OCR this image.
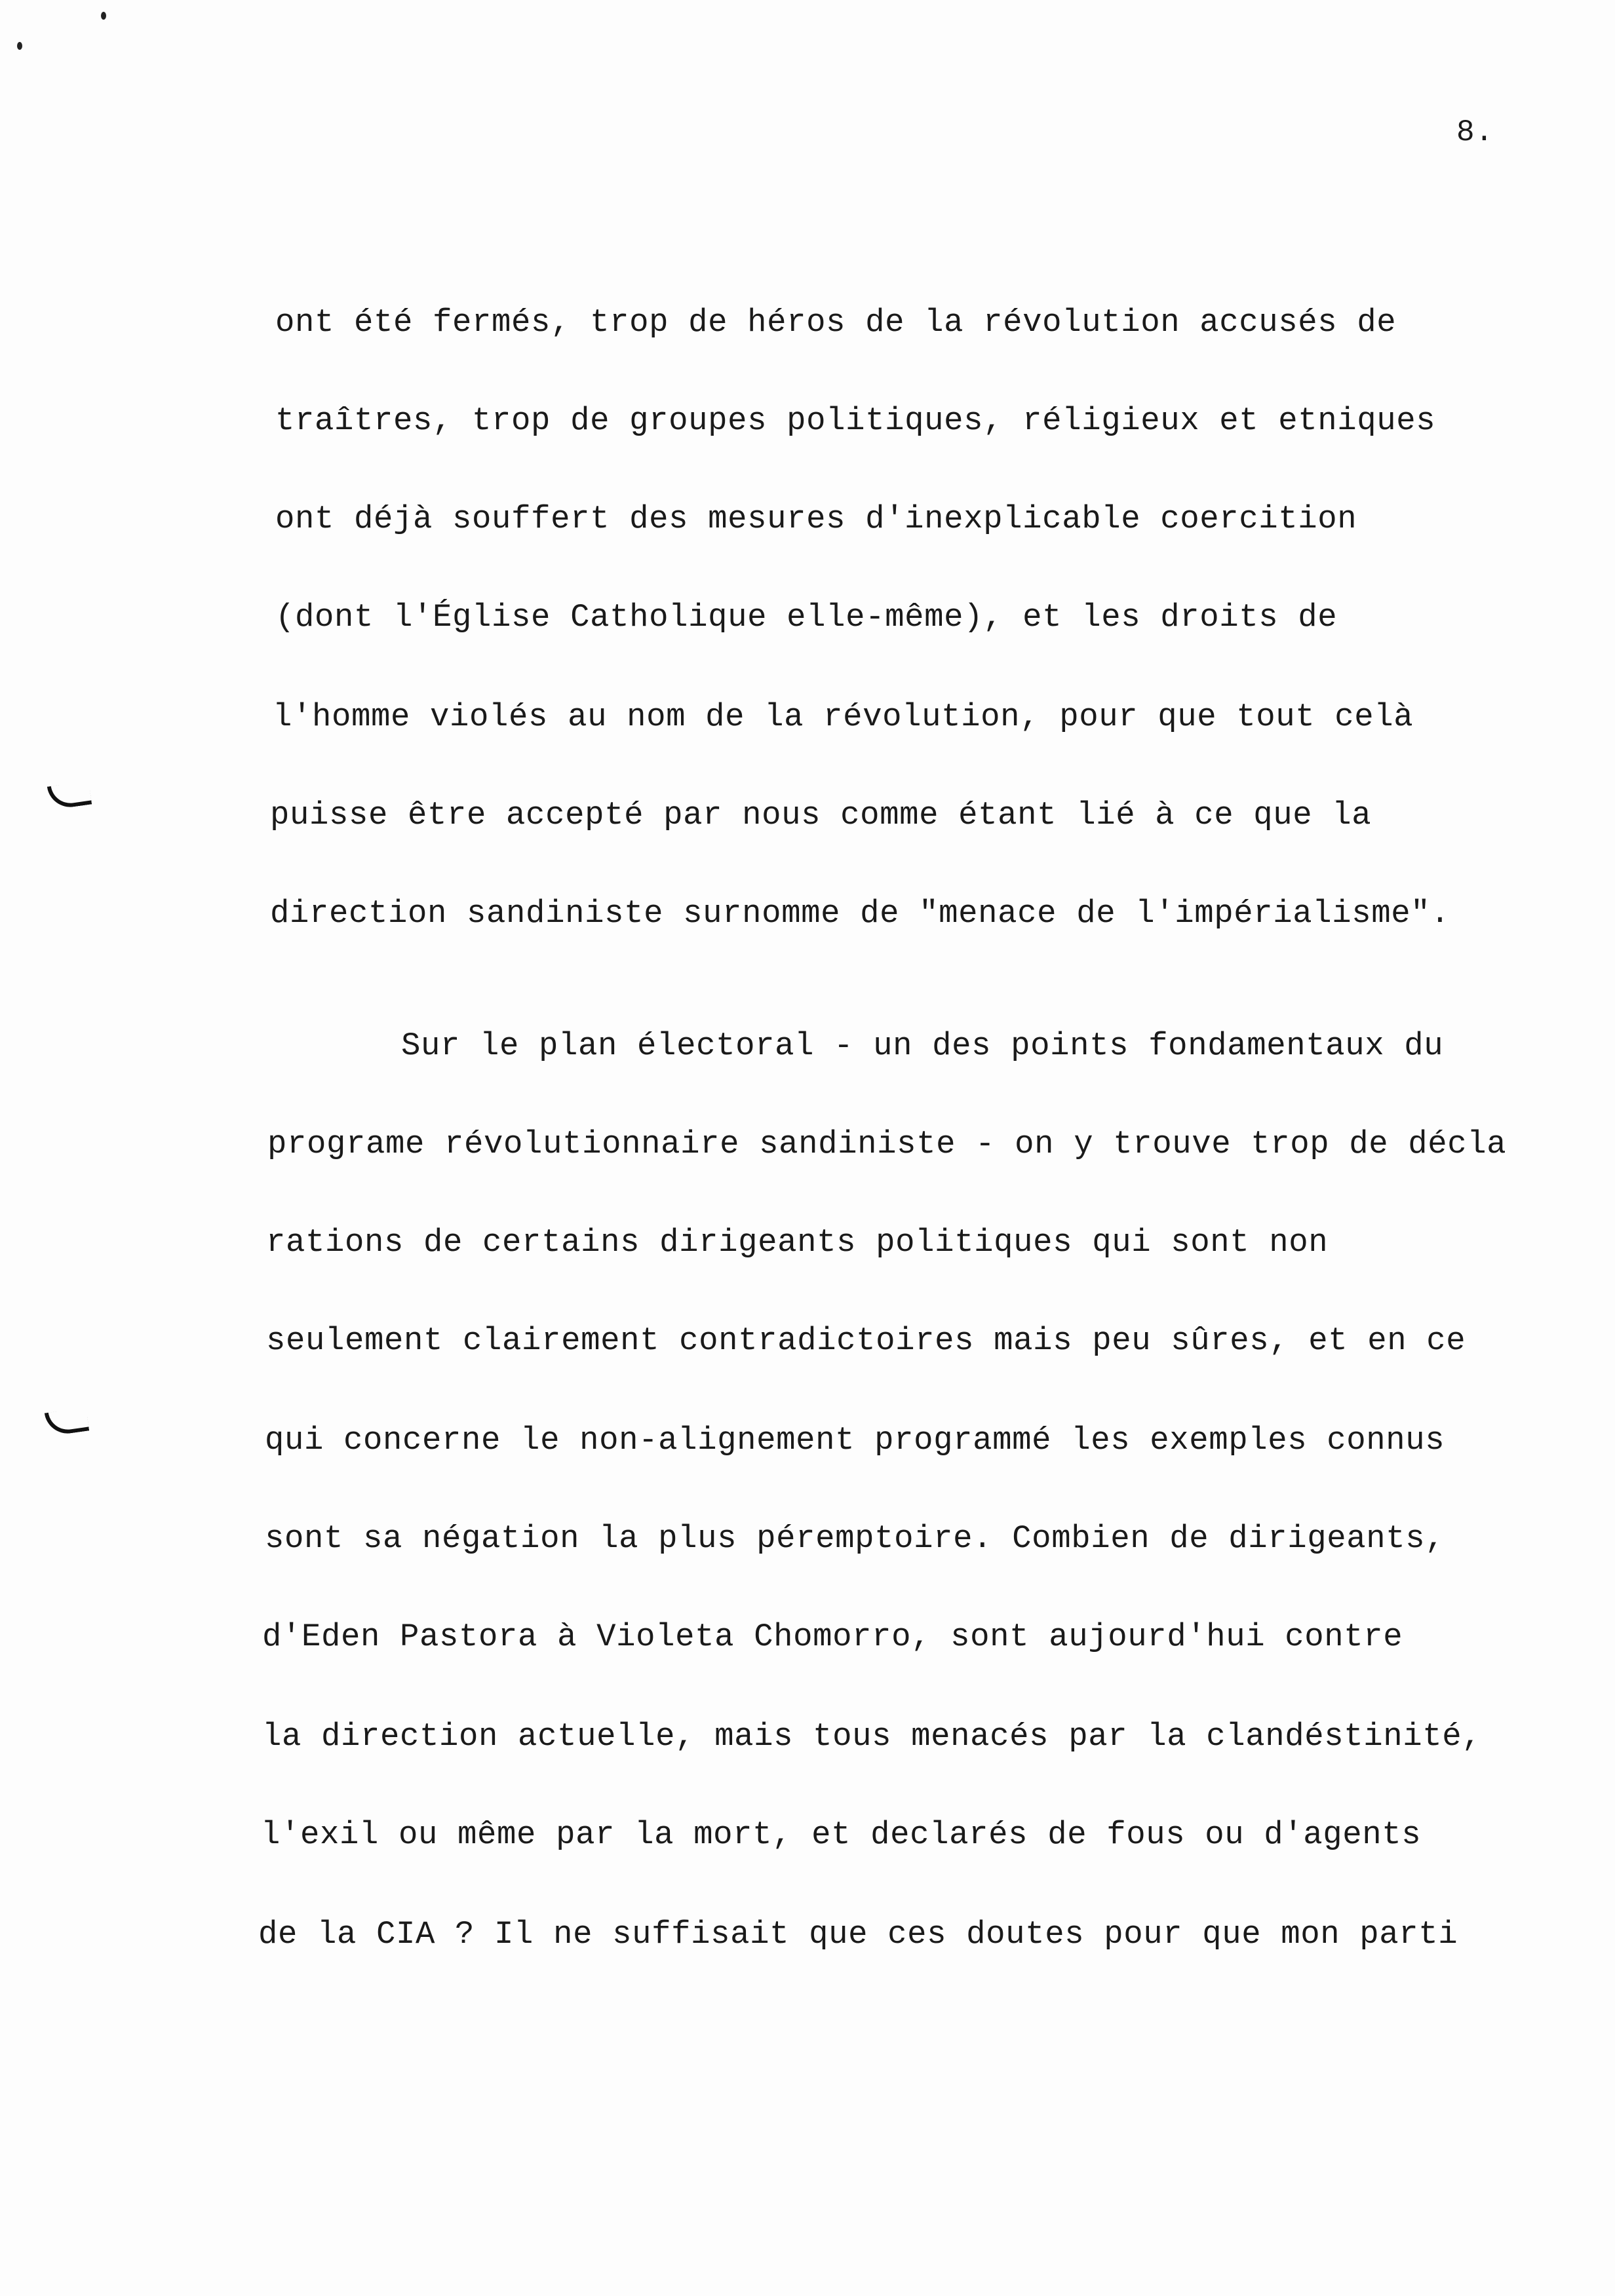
8.
ont été fermés, trop de héros de la révolution accusés de
traîtres, trop de groupes politiques, réligieux et etniques
ont déjà souffert des mesures d'inexplicable coercition
(dont l'Église Catholique elle-même), et les droits de
l'homme violés au nom de la révolution, pour que tout celà
puisse être accepté par nous comme étant lié à ce que la
direction sandiniste surnomme de "menace de l'impérialisme".
Sur le plan électoral - un des points fondamentaux du
programe révolutionnaire sandiniste - on y trouve trop de décla
rations de certains dirigeants politiques qui sont non
seulement clairement contradictoires mais peu sûres, et en ce
qui concerne le non-alignement programmé les exemples connus
sont sa négation la plus péremptoire. Combien de dirigeants,
d'Eden Pastora à Violeta Chomorro, sont aujourd'hui contre
la direction actuelle, mais tous menacés par la clandéstinité,
l'exil ou même par la mort, et declarés de fous ou d'agents
de la CIA ? Il ne suffisait que ces doutes pour que mon parti
